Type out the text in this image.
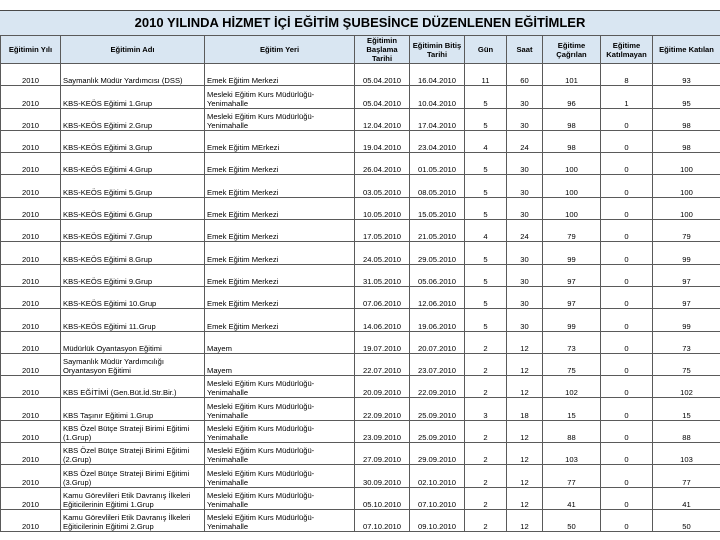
2010 YILINDA HİZMET İÇİ EĞİTİM ŞUBESİNCE DÜZENLENEN EĞİTİMLER
Eğitimin Yılı	Eğitimin Adı	Eğitim Yeri	Eğitimin Başlama Tarihi	Eğitimin Bitiş Tarihi	Gün	Saat	Eğitime Çağrılan	Eğitime Katılmayan	Eğitime Katılan
2010	Saymanlık Müdür Yardımcısı (DSS)	Emek Eğitim Merkezi	05.04.2010	16.04.2010	11	60	101	8	93
2010	KBS-KEÖS Eğitimi 1.Grup	Mesleki Eğitim Kurs Müdürlüğü-Yenimahalle	05.04.2010	10.04.2010	5	30	96	1	95
2010	KBS-KEÖS Eğitimi 2.Grup	Mesleki Eğitim Kurs Müdürlüğü-Yenimahalle	12.04.2010	17.04.2010	5	30	98	0	98
2010	KBS-KEÖS Eğitimi 3.Grup	Emek Eğitim MErkezi	19.04.2010	23.04.2010	4	24	98	0	98
2010	KBS-KEÖS Eğitimi 4.Grup	Emek Eğitim Merkezi	26.04.2010	01.05.2010	5	30	100	0	100
2010	KBS-KEÖS Eğitimi 5.Grup	Emek Eğitim Merkezi	03.05.2010	08.05.2010	5	30	100	0	100
2010	KBS-KEÖS Eğitimi 6.Grup	Emek Eğitim Merkezi	10.05.2010	15.05.2010	5	30	100	0	100
2010	KBS-KEÖS Eğitimi 7.Grup	Emek Eğitim Merkezi	17.05.2010	21.05.2010	4	24	79	0	79
2010	KBS-KEÖS Eğitimi 8.Grup	Emek Eğitim Merkezi	24.05.2010	29.05.2010	5	30	99	0	99
2010	KBS-KEÖS Eğitimi 9.Grup	Emek Eğitim Merkezi	31.05.2010	05.06.2010	5	30	97	0	97
2010	KBS-KEÖS Eğitimi 10.Grup	Emek Eğitim Merkezi	07.06.2010	12.06.2010	5	30	97	0	97
2010	KBS-KEÖS Eğitimi 11.Grup	Emek Eğitim Merkezi	14.06.2010	19.06.2010	5	30	99	0	99
2010	Müdürlük Oyantasyon Eğitimi	Mayem	19.07.2010	20.07.2010	2	12	73	0	73
2010	Saymanlık Müdür Yardımcılığı Oryantasyon Eğitimi	Mayem	22.07.2010	23.07.2010	2	12	75	0	75
2010	KBS EĞİTİMİ (Gen.Büt.İd.Str.Bir.)	Mesleki Eğitim Kurs Müdürlüğü-Yenimahalle	20.09.2010	22.09.2010	2	12	102	0	102
2010	KBS Taşınır Eğitimi 1.Grup	Mesleki Eğitim Kurs Müdürlüğü-Yenimahalle	22.09.2010	25.09.2010	3	18	15	0	15
2010	KBS Özel Bütçe Strateji Birimi Eğitimi (1.Grup)	Mesleki Eğitim Kurs Müdürlüğü-Yenimahalle	23.09.2010	25.09.2010	2	12	88	0	88
2010	KBS Özel Bütçe Strateji Birimi Eğitimi (2.Grup)	Mesleki Eğitim Kurs Müdürlüğü-Yenimahalle	27.09.2010	29.09.2010	2	12	103	0	103
2010	KBS Özel Bütçe Strateji Birimi Eğitimi (3.Grup)	Mesleki Eğitim Kurs Müdürlüğü-Yenimahalle	30.09.2010	02.10.2010	2	12	77	0	77
2010	Kamu Görevlileri Etik Davranış İlkeleri Eğiticilerinin Eğitimi 1.Grup	Mesleki Eğitim Kurs Müdürlüğü-Yenimahalle	05.10.2010	07.10.2010	2	12	41	0	41
2010	Kamu Görevlileri Etik Davranış İlkeleri Eğiticilerinin Eğitimi 2.Grup	Mesleki Eğitim Kurs Müdürlüğü-Yenimahalle	07.10.2010	09.10.2010	2	12	50	0	50
